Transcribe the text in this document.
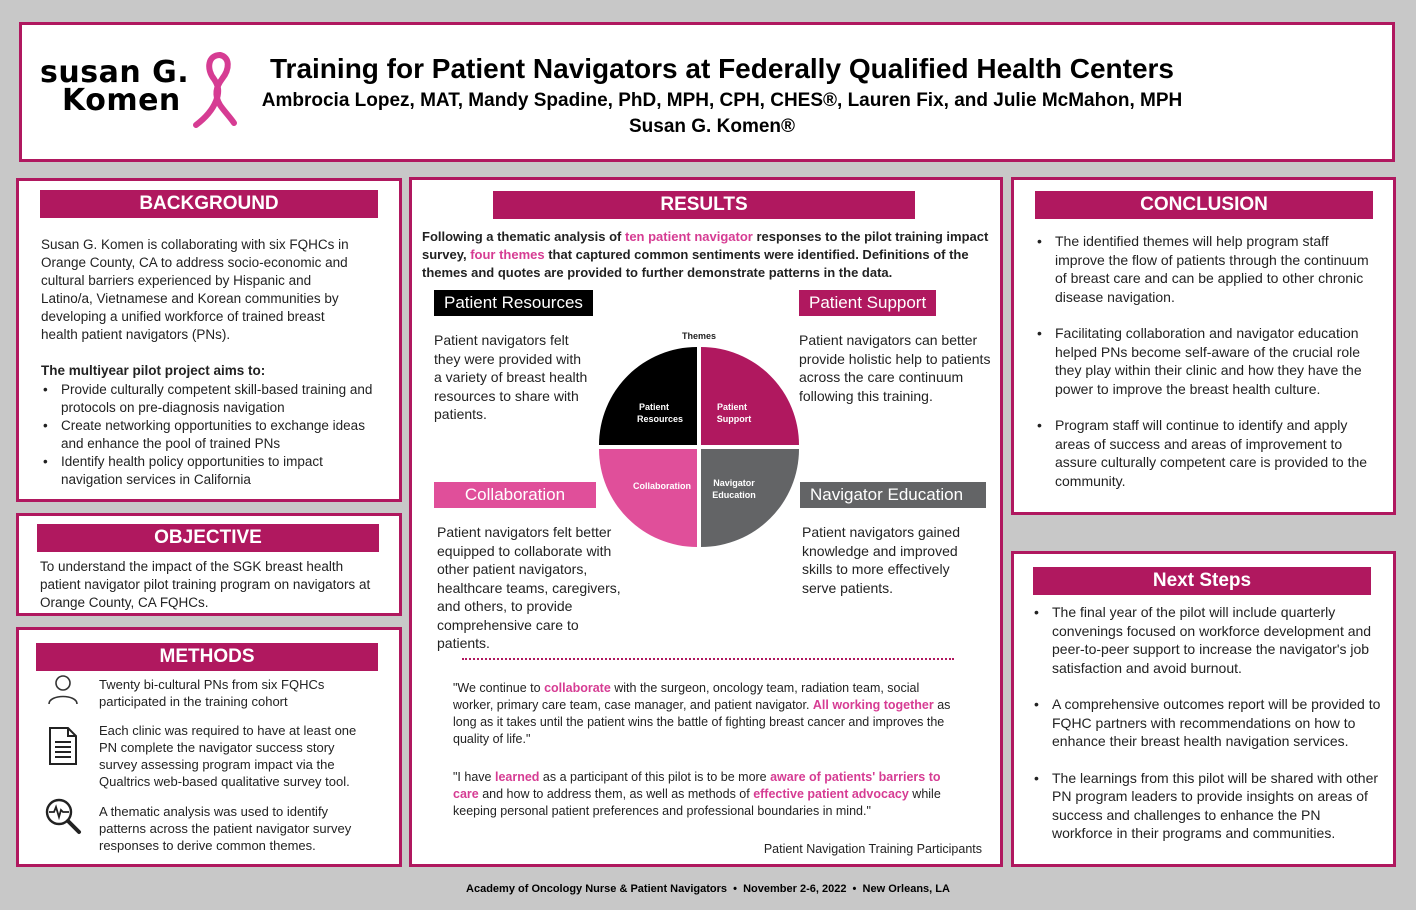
susan G.
Komen
Training for Patient Navigators at Federally Qualified Health Centers
Ambrocia Lopez, MAT, Mandy Spadine, PhD, MPH, CPH, CHES®, Lauren Fix, and Julie McMahon, MPH
Susan G. Komen®
BACKGROUND
Susan G. Komen is collaborating with six FQHCs in Orange County, CA to address socio-economic and cultural barriers experienced by Hispanic and Latino/a, Vietnamese and Korean communities by developing a unified workforce of trained breast health patient navigators (PNs).
The multiyear pilot project aims to:
• Provide culturally competent skill-based training and protocols on pre-diagnosis navigation
• Create networking opportunities to exchange ideas and enhance the pool of trained PNs
• Identify health policy opportunities to impact navigation services in California
OBJECTIVE
To understand the impact of the SGK breast health patient navigator pilot training program on navigators at Orange County, CA FQHCs.
METHODS
Twenty bi-cultural PNs from six FQHCs participated in the training cohort
Each clinic was required to have at least one PN complete the navigator success story survey assessing program impact via the Qualtrics web-based qualitative survey tool.
A thematic analysis was used to identify patterns across the patient navigator survey responses to derive common themes.
RESULTS
Following a thematic analysis of ten patient navigator responses to the pilot training impact survey, four themes that captured common sentiments were identified. Definitions of the themes and quotes are provided to further demonstrate patterns in the data.
Patient Resources
Patient navigators felt they were provided with a variety of breast health resources to share with patients.
Patient Support
Patient navigators can better provide holistic help to patients across the care continuum following this training.
Collaboration
Patient navigators felt better equipped to collaborate with other patient navigators, healthcare teams, caregivers, and others, to provide comprehensive care to patients.
Navigator Education
Patient navigators gained knowledge and improved skills to more effectively serve patients.
Themes
Patient
Resources
Patient
Support
Collaboration Navigator
Education
"We continue to collaborate with the surgeon, oncology team, radiation team, social worker, primary care team, case manager, and patient navigator. All working together as long as it takes until the patient wins the battle of fighting breast cancer and improves the quality of life."
"I have learned as a participant of this pilot is to be more aware of patients' barriers to care and how to address them, as well as methods of effective patient advocacy while keeping personal patient preferences and professional boundaries in mind."
Patient Navigation Training Participants
CONCLUSION
• The identified themes will help program staff improve the flow of patients through the continuum of breast care and can be applied to other chronic disease navigation.
• Facilitating collaboration and navigator education helped PNs become self-aware of the crucial role they play within their clinic and how they have the power to improve the breast health culture.
• Program staff will continue to identify and apply areas of success and areas of improvement to assure culturally competent care is provided to the community.
Next Steps
• The final year of the pilot will include quarterly convenings focused on workforce development and peer-to-peer support to increase the navigator's job satisfaction and avoid burnout.
• A comprehensive outcomes report will be provided to FQHC partners with recommendations on how to enhance their breast health navigation services.
• The learnings from this pilot will be shared with other PN program leaders to provide insights on areas of success and challenges to enhance the PN workforce in their programs and communities.
Academy of Oncology Nurse & Patient Navigators  •  November 2-6, 2022  •  New Orleans, LA
